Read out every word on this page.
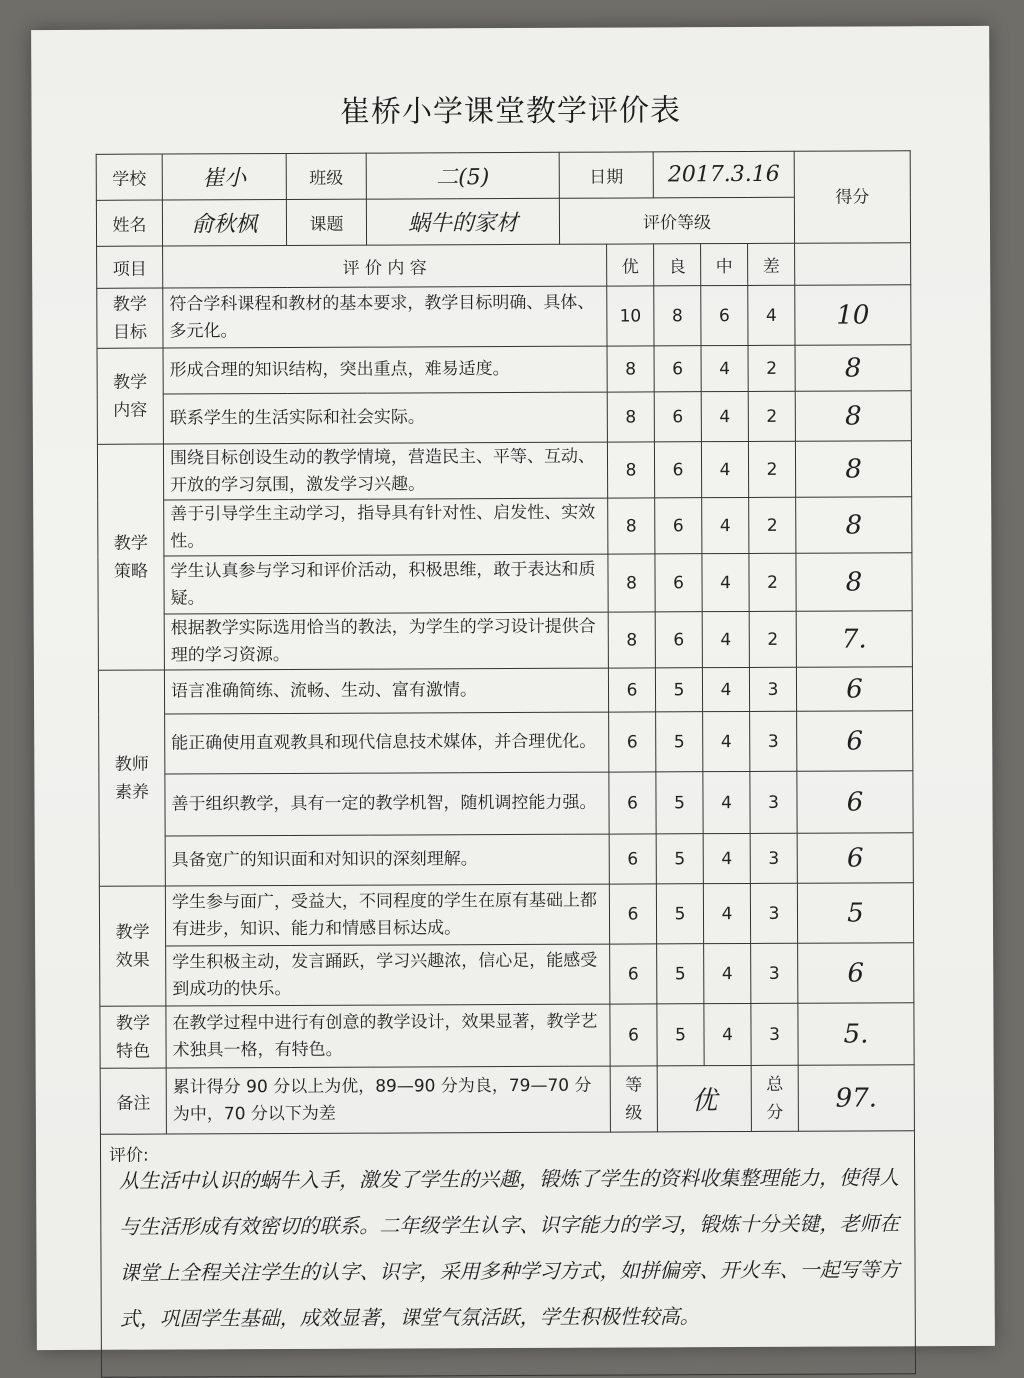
崔桥小学课堂教学评价表
学校	崔小	班级	二(5)	日期		2017.3.16			得分
姓名	俞秋枫	课题	蜗牛的家材	评价等级					
项目	评 价 内 容				优	良	中	差	
教学目标	符合学科课程和教材的基本要求，教学目标明确、具体、多元化。				10	8	6	4	10
教学内容	形成合理的知识结构，突出重点，难易适度。				8	6	4	2	8
	联系学生的生活实际和社会实际。				8	6	4	2	8
教学策略	围绕目标创设生动的教学情境，营造民主、平等、互动、开放的学习氛围，激发学习兴趣。				8	6	4	2	8
	善于引导学生主动学习，指导具有针对性、启发性、实效性。				8	6	4	2	8
	学生认真参与学习和评价活动，积极思维，敢于表达和质疑。				8	6	4	2	8
	根据教学实际选用恰当的教法，为学生的学习设计提供合理的学习资源。				8	6	4	2	7.
教师素养	语言准确简练、流畅、生动、富有激情。				6	5	4	3	6
	能正确使用直观教具和现代信息技术媒体，并合理优化。				6	5	4	3	6
	善于组织教学，具有一定的教学机智，随机调控能力强。				6	5	4	3	6
	具备宽广的知识面和对知识的深刻理解。				6	5	4	3	6
教学效果	学生参与面广，受益大，不同程度的学生在原有基础上都有进步，知识、能力和情感目标达成。				6	5	4	3	5
	学生积极主动，发言踊跃，学习兴趣浓，信心足，能感受到成功的快乐。				6	5	4	3	6
教学特色	在教学过程中进行有创意的教学设计，效果显著，教学艺术独具一格，有特色。				6	5	4	3	5.
备注	累计得分 90 分以上为优，89—90 分为良，79—70 分为中，70 分以下为差				等级	优		总分	97.

评价:
从生活中认识的蜗牛入手，激发了学生的兴趣，锻炼了学生的资料收集整理能力，使得人与生活形成有效密切的联系。二年级学生认字、识字能力的学习，锻炼十分关键，老师在课堂上全程关注学生的认字、识字，采用多种学习方式，如拼偏旁、开火车、一起写等方式，巩固学生基础，成效显著，课堂气氛活跃，学生积极性较高。									
